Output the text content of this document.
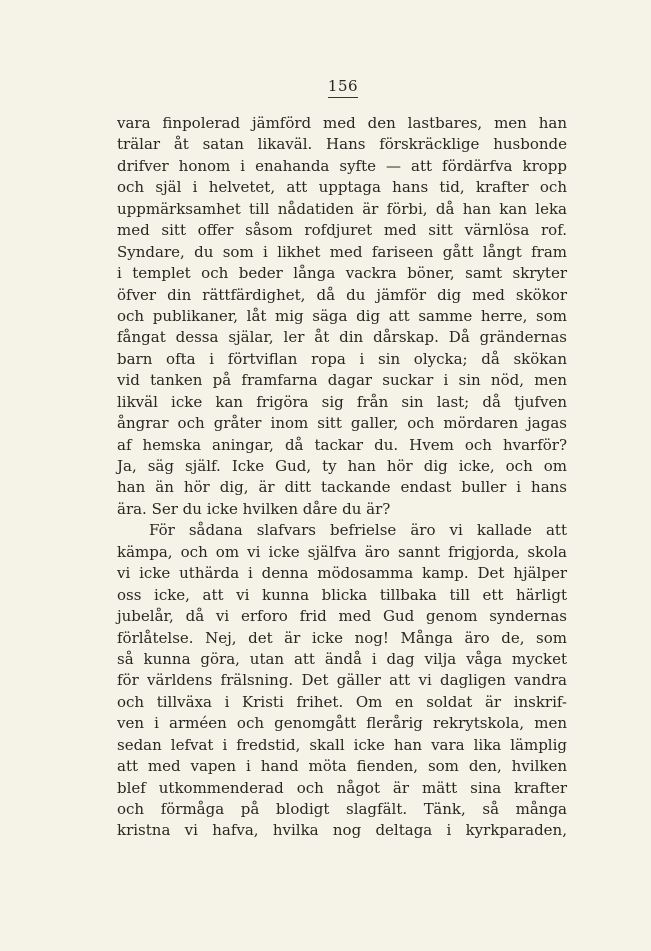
156
vara finpolerad jämförd med den lastbares, men han
trälar åt satan likaväl. Hans förskräcklige husbonde
drifver honom i enahanda syfte — att fördärfva kropp
och själ i helvetet, att upptaga hans tid, krafter och
uppmärksamhet till nådatiden är förbi, då han kan leka
med sitt offer såsom rofdjuret med sitt värnlösa rof.
Syndare, du som i likhet med fariseen gått långt fram
i templet och beder långa vackra böner, samt skryter
öfver din rättfärdighet, då du jämför dig med skökor
och publikaner, låt mig säga dig att samme herre, som
fångat dessa själar, ler åt din dårskap. Då grändernas
barn ofta i förtviflan ropa i sin olycka; då skökan
vid tanken på framfarna dagar suckar i sin nöd, men
likväl icke kan frigöra sig från sin last; då tjufven
ångrar och gråter inom sitt galler, och mördaren jagas
af hemska aningar, då tackar du. Hvem och hvarför?
Ja, säg själf. Icke Gud, ty han hör dig icke, och om
han än hör dig, är ditt tackande endast buller i hans
ära. Ser du icke hvilken dåre du är?
För sådana slafvars befrielse äro vi kallade att
kämpa, och om vi icke själfva äro sannt frigjorda, skola
vi icke uthärda i denna mödosamma kamp. Det hjälper
oss icke, att vi kunna blicka tillbaka till ett härligt
jubelår, då vi erforo frid med Gud genom syndernas
förlåtelse. Nej, det är icke nog! Många äro de, som
så kunna göra, utan att ändå i dag vilja våga mycket
för världens frälsning. Det gäller att vi dagligen vandra
och tillväxa i Kristi frihet. Om en soldat är inskrif-
ven i arméen och genomgått flerårig rekrytskola, men
sedan lefvat i fredstid, skall icke han vara lika lämplig
att med vapen i hand möta fienden, som den, hvilken
blef utkommenderad och något är mätt sina krafter
och förmåga på blodigt slagfält. Tänk, så många
kristna vi hafva, hvilka nog deltaga i kyrkparaden,
